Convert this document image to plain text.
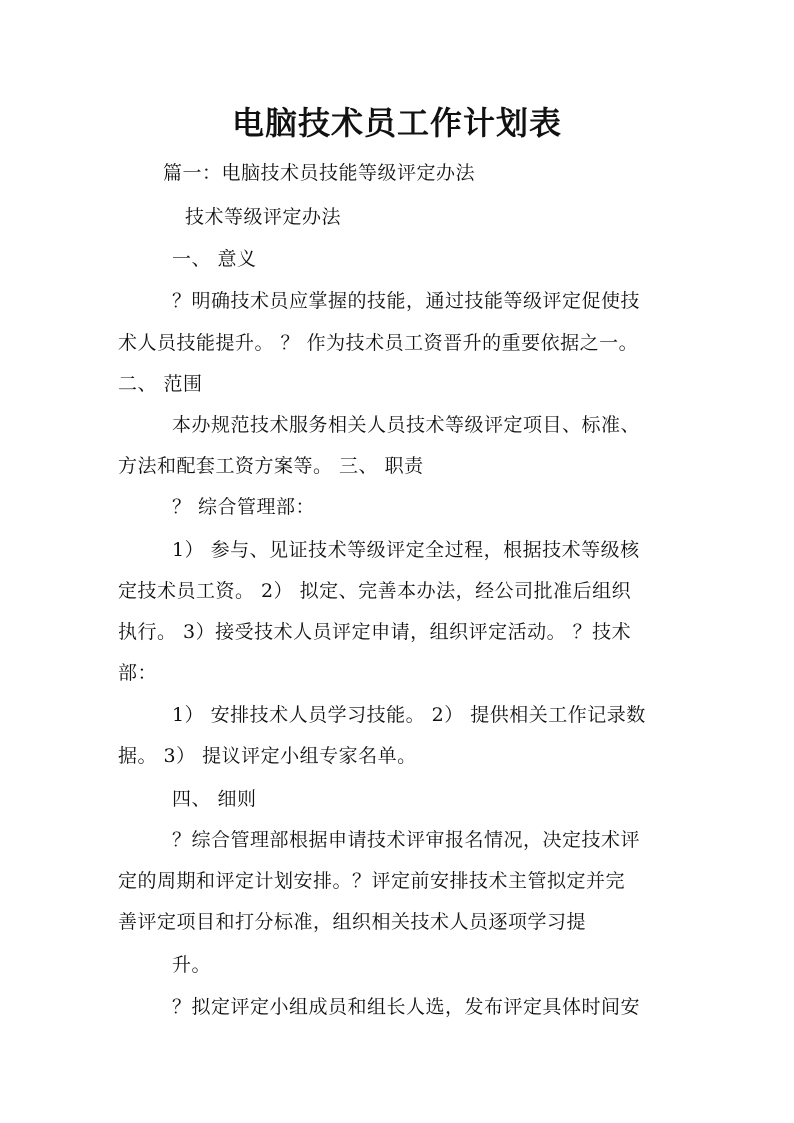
电脑技术员工作计划表
篇一：电脑技术员技能等级评定办法
技术等级评定办法
一、 意义
？明确技术员应掌握的技能，通过技能等级评定促使技
术人员技能提升。 ？ 作为技术员工资晋升的重要依据之一。
二、 范围
本办规范技术服务相关人员技术等级评定项目、标准、
方法和配套工资方案等。 三、 职责
？ 综合管理部：
1） 参与、见证技术等级评定全过程，根据技术等级核
定技术员工资。 2） 拟定、完善本办法，经公司批准后组织
执行。 3）接受技术人员评定申请，组织评定活动。 ？技术
部：
1） 安排技术人员学习技能。 2） 提供相关工作记录数
据。 3） 提议评定小组专家名单。
四、 细则
？综合管理部根据申请技术评审报名情况，决定技术评
定的周期和评定计划安排。？评定前安排技术主管拟定并完
善评定项目和打分标准，组织相关技术人员逐项学习提
升。
？拟定评定小组成员和组长人选，发布评定具体时间安
